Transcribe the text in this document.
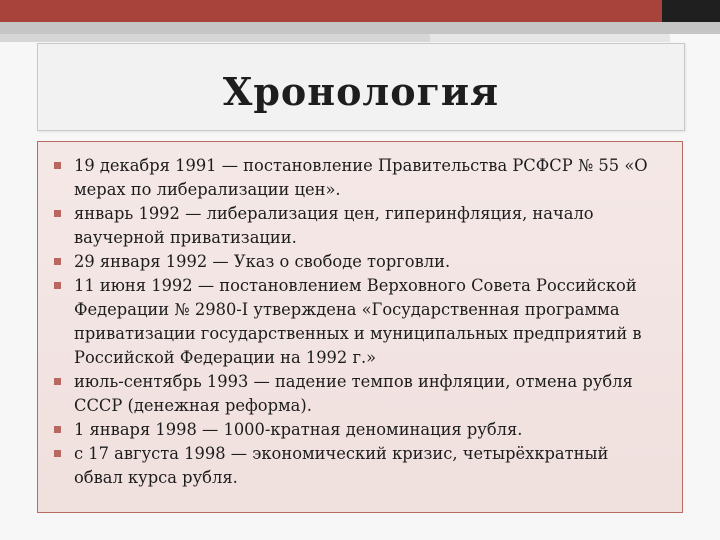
Хронология
19 декабря 1991 — постановление Правительства РСФСР № 55 «О мерах по либерализации цен».
январь 1992 — либерализация цен, гиперинфляция, начало ваучерной приватизации.
29 января 1992 — Указ о свободе торговли.
11 июня 1992 — постановлением Верховного Совета Российской Федерации № 2980-I утверждена «Государственная программа приватизации государственных и муниципальных предприятий в Российской Федерации на 1992 г.»
июль-сентябрь 1993 — падение темпов инфляции, отмена рубля СССР (денежная реформа).
1 января 1998 — 1000-кратная деноминация рубля.
с 17 августа 1998 — экономический кризис, четырёхкратный обвал курса рубля.
